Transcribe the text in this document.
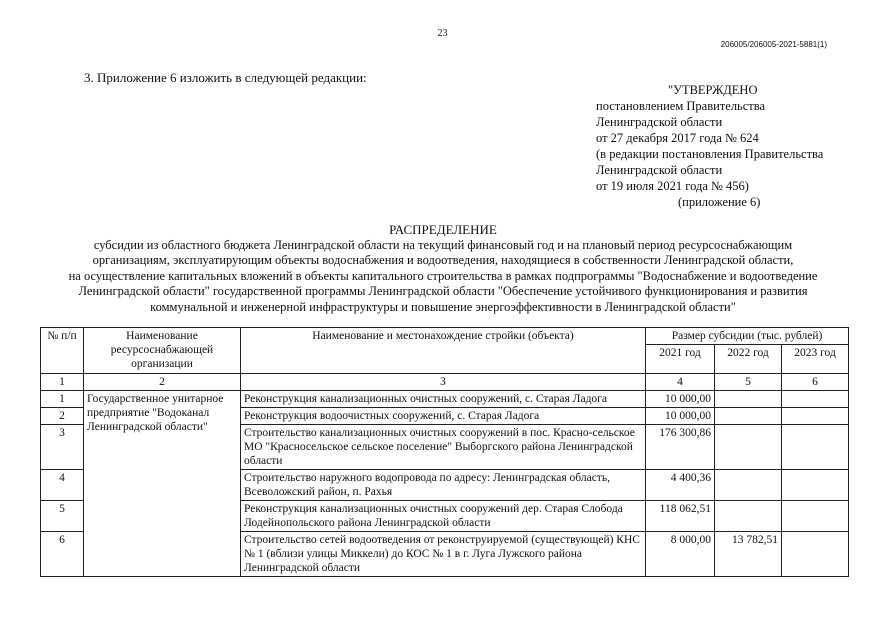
23
206005/206005-2021-5881(1)
3. Приложение 6 изложить в следующей редакции:
"УТВЕРЖДЕНО
постановлением Правительства
Ленинградской области
от 27 декабря 2017 года № 624
(в редакции постановления Правительства
Ленинградской области
от 19 июля 2021 года № 456)
(приложение 6)
РАСПРЕДЕЛЕНИЕ
субсидии из областного бюджета Ленинградской области на текущий финансовый год и на плановый период ресурсоснабжающим
организациям, эксплуатирующим объекты водоснабжения и водоотведения, находящиеся в собственности Ленинградской области,
на осуществление капитальных вложений в объекты капитального строительства в рамках подпрограммы "Водоснабжение и водоотведение
Ленинградской области" государственной программы Ленинградской области "Обеспечение устойчивого функционирования и развития
коммунальной и инженерной инфраструктуры и повышение энергоэффективности в Ленинградской области"
№ п/п	Наименование ресурсоснабжающей организации	Наименование и местонахождение стройки (объекта)	Размер субсидии (тыс. рублей)		
			2021 год	2022 год	2023 год
1	2	3	4	5	6
1	Государственное унитарное предприятие "Водоканал Ленинградской области"	Реконструкция канализационных очистных сооружений, с. Старая Ладога	10 000,00		
2		Реконструкция водоочистных сооружений, с. Старая Ладога	10 000,00		
3		Строительство канализационных очистных сооружений в пос. Красно-сельское МО "Красносельское сельское поселение" Выборгского района Ленинградской области	176 300,86		
4		Строительство наружного водопровода по адресу: Ленинградская область, Всеволожский район, п. Рахья	4 400,36		
5		Реконструкция канализационных очистных сооружений дер. Старая Слобода Лодейнопольского района Ленинградской области	118 062,51		
6		Строительство сетей водоотведения от реконструируемой (существующей) КНС № 1 (вблизи улицы Миккели) до КОС № 1 в г. Луга Лужского района Ленинградской области	8 000,00	13 782,51	
